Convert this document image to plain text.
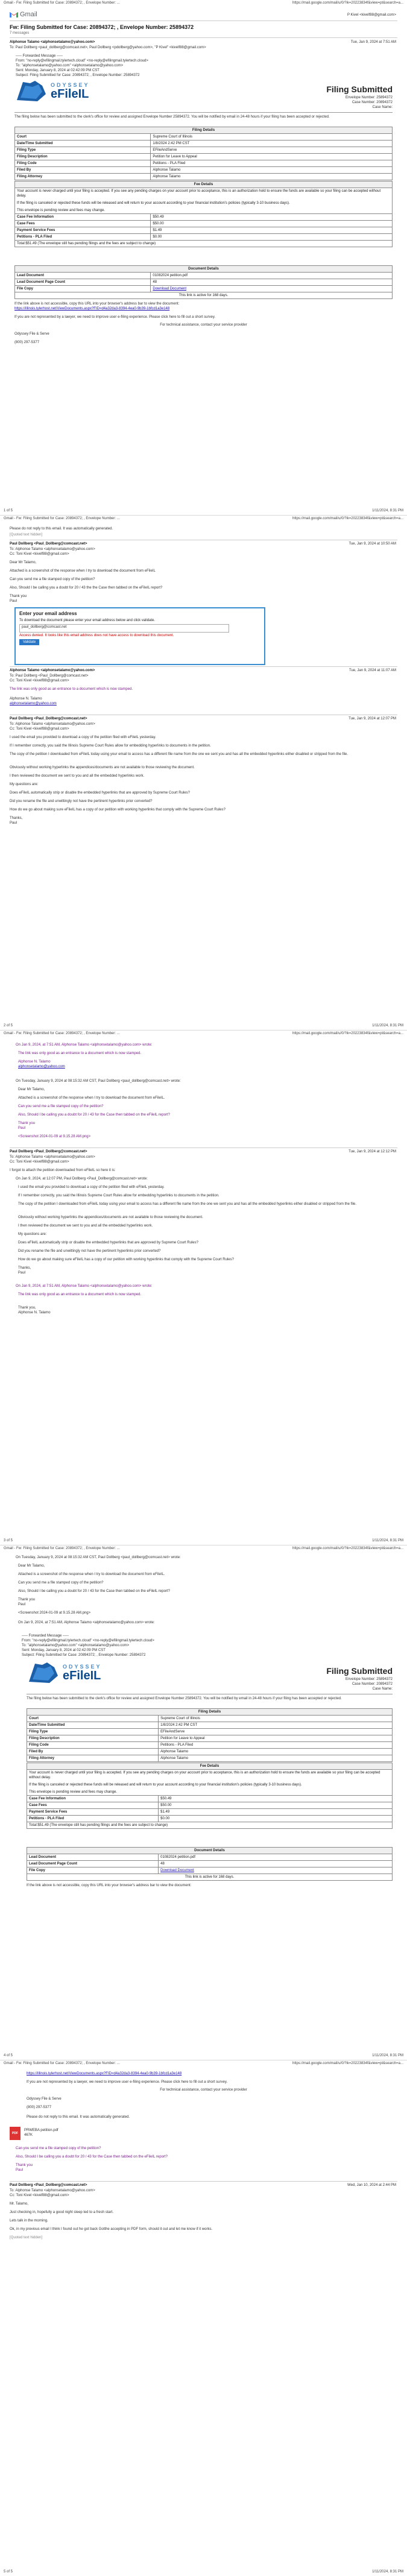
Gmail - Fw: Filing Submitted for Case: 20894372; , Envelope Number: ...	https://mail.google.com/mail/u/0/?ik=20223834f&view=pt&search=a...
Gmail	P Kivel <kivelf88@gmail.com>
Fw: Filing Submitted for Case: 20894372; , Envelope Number: 25894372
7 messages
Alphonse Talamo <alphonsetalamo@yahoo.com>	Tue, Jan 9, 2024 at 7:51 AM
To: Paul Dollberg <paul_dollberg@comcast.net>, Paul Dollberg <pdollberg@yahoo.com>, "P Kivel" <kivelf88@gmail.com>
----- Forwarded Message -----
From: "no-reply@efilingmail.tylertech.cloud" <no-reply@efilingmail.tylertech.cloud>
To: "alphonsetalamo@yahoo.com" <alphonsetalamo@yahoo.com>
Sent: Monday, January 8, 2024 at 02:42:09 PM CST
Subject: Filing Submitted for Case: 20894372; , Envelope Number: 25894372
ODYSSEY
eFileIL	Filing Submitted
Envelope Number: 25894372
Case Number: 20894372
Case Name:
The filing below has been submitted to the clerk's office for review and assigned Envelope Number 25894372. You will be notified by email in 24-48 hours if your filing has been accepted or rejected.
Filing Details	
Court	Supreme Court of Illinois
Date/Time Submitted	1/8/2024 2:42 PM CST
Filing Type	EFileAndServe
Filing Description	Petition for Leave to Appeal
Filing Code	Petitions - PLA Filed
Filed By	Alphonse Talamo
Filing Attorney	Alphonse Talamo
Fee Details	

Your account is never charged until your filing is accepted. If you see any pending charges on your account prior to acceptance, this is an authorization hold to ensure the funds are available so your filing can be accepted without delay.
If the filing is canceled or rejected these funds will be released and will return to your account according to your financial institution's policies (typically 3-10 business days).
This envelope is pending review and fees may change.	

Case Fee Information	$50.49
Case Fees	$50.00
Payment Service Fees	$1.49
Petitions - PLA Filed	$0.00
Total:$51.49 (The envelope still has pending filings and the fees are subject to change)	
Document Details	
Lead Document	01082024 petition.pdf
Lead Document Page Count	48
File Copy	Download Document
This link is active for 168 days.	
If the link above is not accessible, copy this URL into your browser's address bar to view the document:
https://illinois.tylerhost.net/ViewDocuments.aspx?FID=d4a32da3-8394-4ea0-9b39-1bfcd1a3e148
If you are not represented by a lawyer, we need to improve user e-filing experience. Please click here to fill out a short survey.
For technical assistance, contact your service provider
Odyssey File & Serve
(800) 297-5377
1 of 5	1/11/2024, 8:31 PM
Gmail - Fw: Filing Submitted for Case: 20894372; , Envelope Number: ...	https://mail.google.com/mail/u/0/?ik=20223834f&view=pt&search=a...
Please do not reply to this email. It was automatically generated.
[Quoted text hidden]
Paul Dollberg <Paul_Dollberg@comcast.net>	Tue, Jan 9, 2024 at 10:50 AM
To: Alphonse Talamo <alphonsetalamo@yahoo.com>
Cc: Toni Kivel <kivelf88@gmail.com>
Dear Mr Talamo,
Attached is a screenshot of the response when I try to download the document from eFileIL
Can you send me a file stamped copy of the petition?
Also, Should I be calling you a doubt for 20 / 43 the the Case then tabbed on the eFileIL report?
Thank you
Paul
Enter your email address
To download the document please enter your email address below and click validate.
paul_dollberg@comcast.net
Access denied. It looks like this email address does not have access to download this document.
Validate
Alphonse Talamo <alphonsetalamo@yahoo.com>	Tue, Jan 9, 2024 at 11:07 AM
To: Paul Dollberg <Paul_Dollberg@comcast.net>
Cc: Toni Kivel <kivelf88@gmail.com>
The link was only good as an entrance to a document which is now stamped.
Alphonse N. Talamo
alphonsetalamo@yahoo.com
Paul Dollberg <Paul_Dollberg@comcast.net>	Tue, Jan 9, 2024 at 12:07 PM
To: Alphonse Talamo <alphonsetalamo@yahoo.com>
Cc: Toni Kivel <kivelf88@gmail.com>
I used the email you provided to download a copy of the petition filed with eFileIL yesterday.
If I remember correctly, you said the Illinois Supreme Court Rules allow for embedding hyperlinks to documents in the petition.
The copy of the petition I downloaded from eFileIL today using your email to access has a different file name from the one we sent you and has all the embedded hyperlinks either disabled or stripped from the file.
Obviously without working hyperlinks the appendices/documents are not available to those reviewing the document.
I then reviewed the document we sent to you and all the embedded hyperlinks work.
My questions are:
Does eFileIL automatically strip or disable the embedded hyperlinks that are approved by Supreme Court Rules?
Did you rename the file and unwittingly not have the pertinent hyperlinks prior converted?
How do we go about making sure eFileIL has a copy of our petition with working hyperlinks that comply with the Supreme Court Rules?
Thanks,
Paul
2 of 5	1/11/2024, 8:31 PM
Gmail - Fw: Filing Submitted for Case: 20894372; , Envelope Number: ...	https://mail.google.com/mail/u/0/?ik=20223834f&view=pt&search=a...
On Jan 9, 2024, at 7:51 AM, Alphonse Talamo <alphonsetalamo@yahoo.com> wrote:
The link was only good as an entrance to a document which is now stamped.
Alphonse N. Talamo
alphonsetalamo@yahoo.com
On Tuesday, January 9, 2024 at 08:15:32 AM CST, Paul Dollberg <paul_dollberg@comcast.net> wrote:
Dear Mr Talamo,
Attached is a screenshot of the response when I try to download the document from eFileIL.
Can you send me a file stamped copy of the petition?
Also, Should I be calling you a doubt for 20 / 43 for the Case then tabbed on the eFileIL report?
Thank you
Paul
<Screenshot 2024-01-09 at 9.15.28 AM.png>
Paul Dollberg <Paul_Dollberg@comcast.net>	Tue, Jan 9, 2024 at 12:12 PM
To: Alphonse Talamo <alphonsetalamo@yahoo.com>
Cc: Toni Kivel <kivelf88@gmail.com>
I forgot to attach the petition downloaded from eFileIL so here it is:
On Jan 9, 2024, at 12:07 PM, Paul Dollberg <Paul_Dollberg@comcast.net> wrote:
I used the email you provided to download a copy of the petition filed with eFileIL yesterday.
If I remember correctly, you said the Illinois Supreme Court Rules allow for embedding hyperlinks to documents in the petition.
The copy of the petition I downloaded from eFileIL today using your email to access has a different file name from the one we sent you and has all the embedded hyperlinks either disabled or stripped from the file.
Obviously without working hyperlinks the appendices/documents are not available to those reviewing the document.
I then reviewed the document we sent to you and all the embedded hyperlinks work.
My questions are:
Does eFileIL automatically strip or disable the embedded hyperlinks that are approved by Supreme Court Rules?
Did you rename the file and unwittingly not have the pertinent hyperlinks prior converted?
How do we go about making sure eFileIL has a copy of our petition with working hyperlinks that comply with the Supreme Court Rules?
Thanks,
Paul
On Jan 9, 2024, at 7:51 AM, Alphonse Talamo <alphonsetalamo@yahoo.com> wrote:
The link was only good as an entrance to a document which is now stamped.
Thank you,
Alphonse N. Talamo
3 of 5	1/11/2024, 8:31 PM
Gmail - Fw: Filing Submitted for Case: 20894372; , Envelope Number: ...	https://mail.google.com/mail/u/0/?ik=20223834f&view=pt&search=a...
On Tuesday, January 9, 2024 at 08:15:32 AM CST, Paul Dollberg <paul_dollberg@comcast.net> wrote:
Dear Mr Talamo,
Attached is a screenshot of the response when I try to download the document from eFileIL.
Can you send me a file stamped copy of the petition?
Also, Should I be calling you a doubt for 20 / 43 for the Case then tabbed on the eFileIL report?
Thank you
Paul
<Screenshot 2024-01-09 at 9.15.28 AM.png>
On Jan 9, 2024, at 7:51 AM, Alphonse Talamo <alphonsetalamo@yahoo.com> wrote:
----- Forwarded Message -----
From: "no-reply@efilingmail.tylertech.cloud" <no-reply@efilingmail.tylertech.cloud>
To: "alphonsetalamo@yahoo.com" <alphonsetalamo@yahoo.com>
Sent: Monday, January 8, 2024 at 02:42:09 PM CST
Subject: Filing Submitted for Case: 20894372; , Envelope Number: 25894372
ODYSSEY
eFileIL	Filing Submitted
Envelope Number: 25894372
Case Number: 20894372
Case Name:
The filing below has been submitted to the clerk's office for review and assigned Envelope Number 25894372. You will be notified by email in 24-48 hours if your filing has been accepted or rejected.
Filing Details	
Court	Supreme Court of Illinois
Date/Time Submitted	1/8/2024 2:42 PM CST
Filing Type	EFileAndServe
Filing Description	Petition for Leave to Appeal
Filing Code	Petitions - PLA Filed
Filed By	Alphonse Talamo
Filing Attorney	Alphonse Talamo
Fee Details	

Your account is never charged until your filing is accepted. If you see any pending charges on your account prior to acceptance, this is an authorization hold to ensure the funds are available so your filing can be accepted without delay.
If the filing is canceled or rejected these funds will be released and will return to your account according to your financial institution's policies (typically 3-10 business days).
This envelope is pending review and fees may change.	

Case Fee Information	$50.49
Case Fees	$50.00
Payment Service Fees	$1.49
Petitions - PLA Filed	$0.00
Total:$51.49 (The envelope still has pending filings and the fees are subject to change)	
Document Details	
Lead Document	01082024 petition.pdf
Lead Document Page Count	48
File Copy	Download Document
This link is active for 168 days.	
If the link above is not accessible, copy this URL into your browser's address bar to view the document:
4 of 5	1/11/2024, 8:31 PM
Gmail - Fw: Filing Submitted for Case: 20894372; , Envelope Number: ...	https://mail.google.com/mail/u/0/?ik=20223834f&view=pt&search=a...
https://illinois.tylerhost.net/ViewDocuments.aspx?FID=d4a32da3-8394-4ea0-9b39-1bfcd1a3e148
If you are not represented by a lawyer, we need to improve user e-filing experience. Please click here to fill out a short survey.
For technical assistance, contact your service provider
Odyssey File & Serve
(800) 297-5377
Please do not reply to this email. It was automatically generated.
PDF
PRWEBA petition.pdf
467K
Can you send me a file stamped copy of the petition?
Also, Should I be calling you a doubt for 20 / 43 for the Case then tabbed on the eFileIL report?
Thank you
Paul
Paul Dollberg <Paul_Dollberg@comcast.net>	Wed, Jan 10, 2024 at 2:44 PM
To: Alphonse Talamo <alphonsetalamo@yahoo.com>
Cc: Toni Kivel <kivelf88@gmail.com>
Mr. Talamo,
Just checking in, hopefully a good night sleep led to a fresh start.
Lets talk in the morning.
Ok, in my previous email I think I found out he got back Gotthe accepting in PDF form, should it out and let me know if it works.
[Quoted text hidden]
5 of 5	1/11/2024, 8:31 PM
